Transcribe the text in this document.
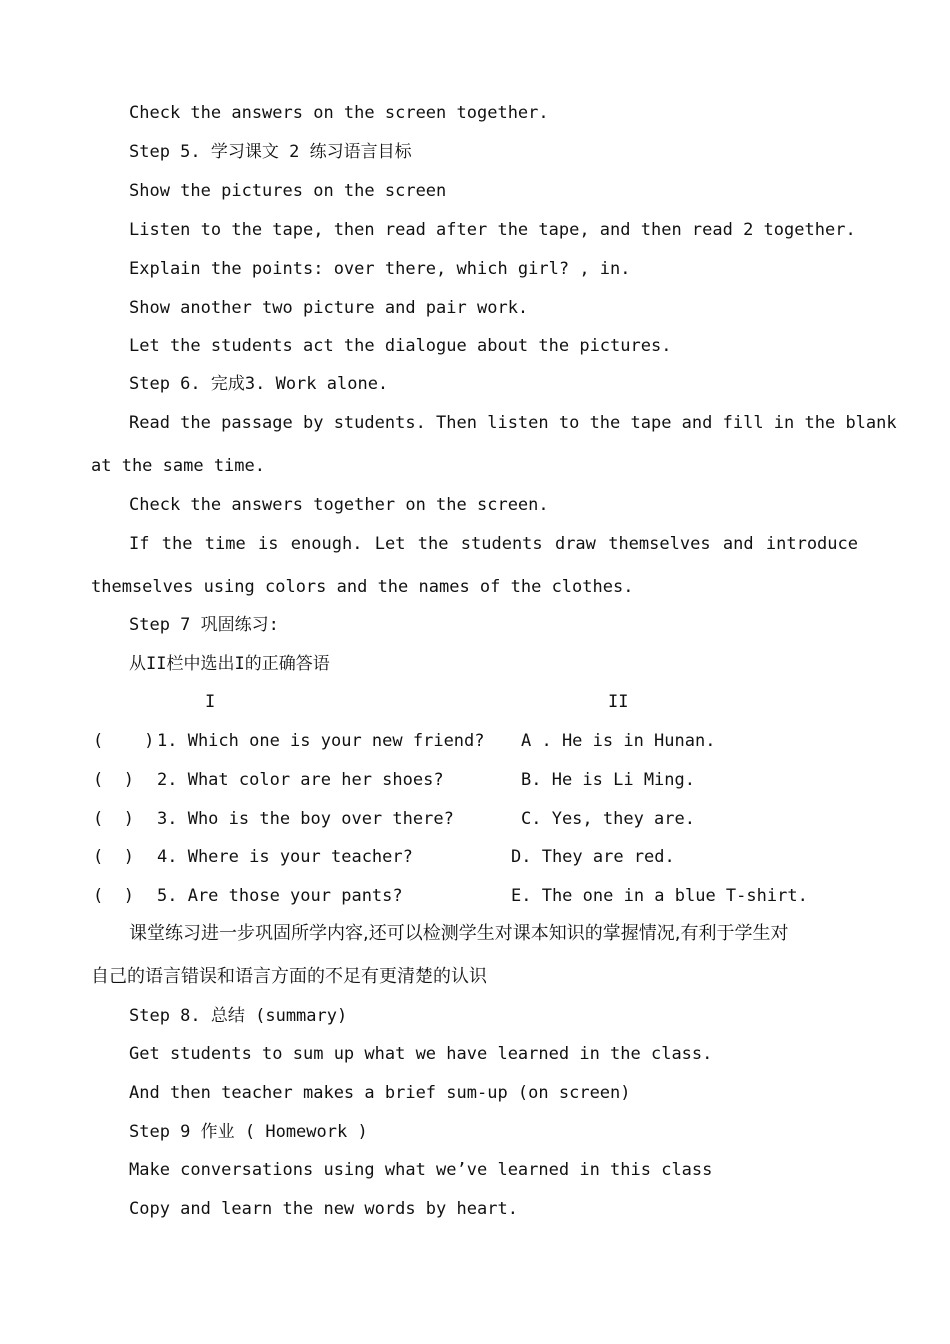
Check the answers on the screen together.
Step 5. 学习课文 2 练习语言目标
Show the pictures on the screen
Listen to the tape, then read after the tape, and then read 2 together.
Explain the points: over there, which girl? , in.
Show another two picture and pair work.
Let the students act the dialogue about the pictures.
Step 6. 完成3. Work alone.
Read the passage by students. Then listen to the tape and fill in the blank
at the same time.
Check the answers together on the screen.
If the time is enough. Let the students draw themselves and introduce
themselves using colors and the names of the clothes.
Step 7 巩固练习:
从II栏中选出I的正确答语
I	II
(    ) 1. Which one is your new friend? A . He is in Hunan.
(  ) 2. What color are her shoes?	B. He is Li Ming.
(  ) 3. Who is the boy over there?	C. Yes, they are.
(  ) 4. Where is your teacher?	D. They are red.
(  ) 5. Are those your pants?	E. The one in a blue T-shirt.
课堂练习进一步巩固所学内容,还可以检测学生对课本知识的掌握情况,有利于学生对
自己的语言错误和语言方面的不足有更清楚的认识
Step 8. 总结 (summary)
Get students to sum up what we have learned in the class.
And then teacher makes a brief sum-up (on screen)
Step 9 作业 ( Homework )
Make conversations using what we’ve learned in this class
Copy and learn the new words by heart.
